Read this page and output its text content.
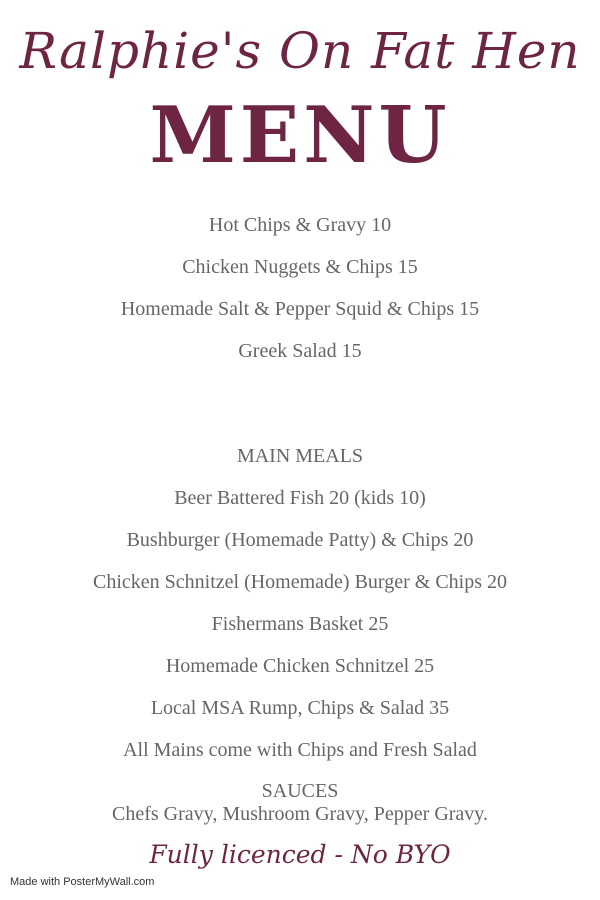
Ralphie's On Fat Hen
MENU
Hot Chips & Gravy 10
Chicken Nuggets & Chips 15
Homemade Salt & Pepper Squid & Chips 15
Greek Salad 15
MAIN MEALS
Beer Battered Fish 20 (kids 10)
Bushburger (Homemade Patty) & Chips 20
Chicken Schnitzel (Homemade) Burger & Chips 20
Fishermans Basket 25
Homemade Chicken Schnitzel 25
Local MSA Rump, Chips & Salad 35
All Mains come with Chips and Fresh Salad
SAUCES
Chefs Gravy, Mushroom Gravy, Pepper Gravy.
Fully licenced - No BYO
Made with PosterMyWall.com
